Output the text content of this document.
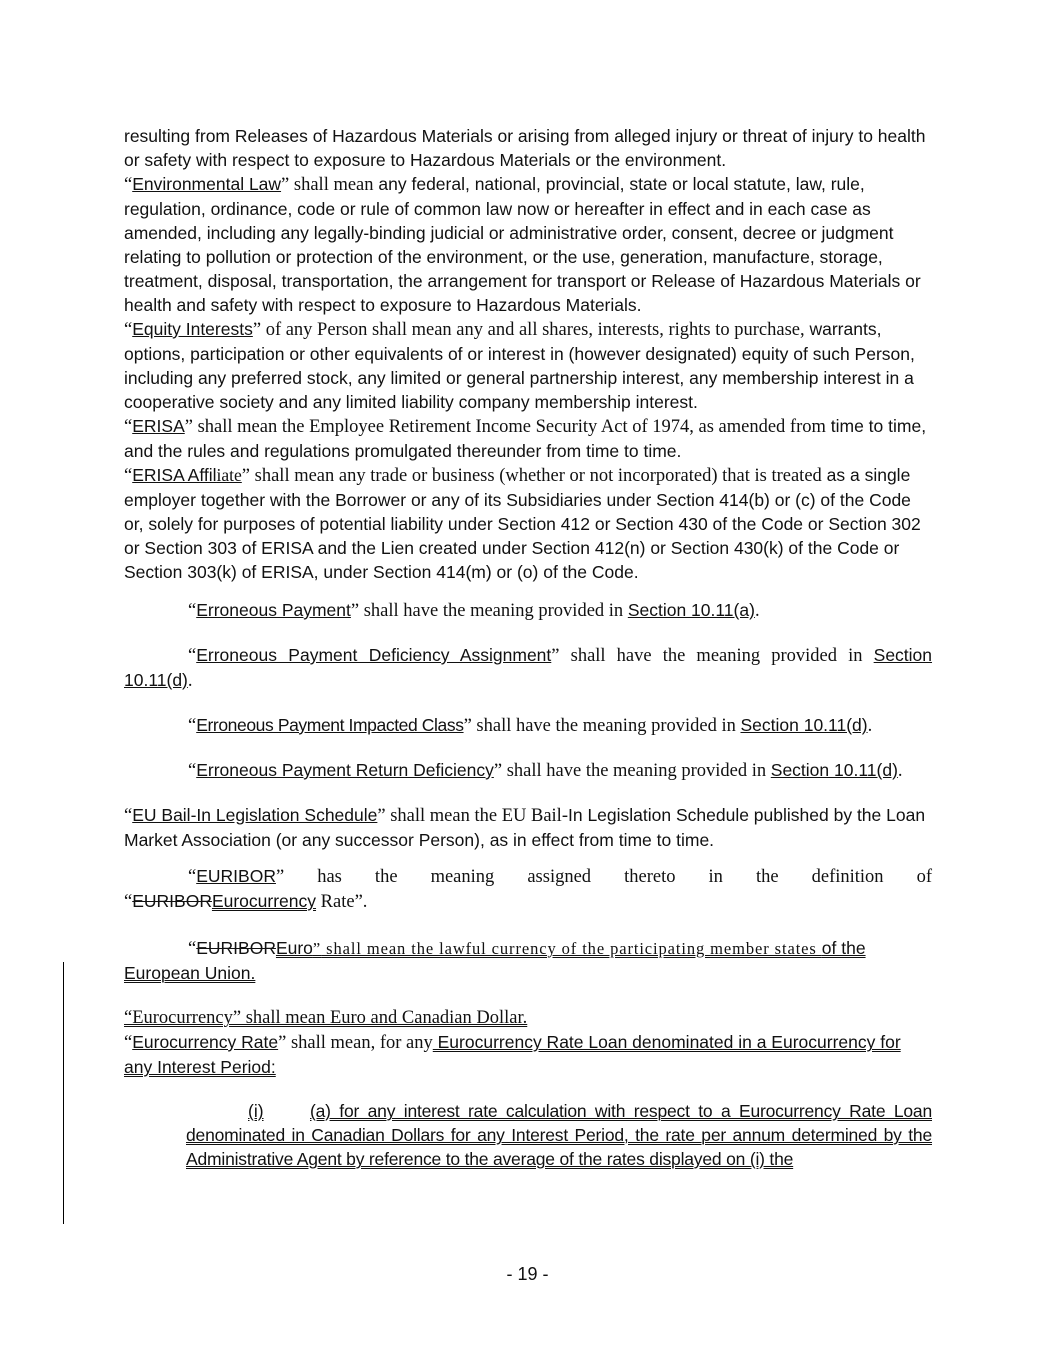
resulting from Releases of Hazardous Materials or arising from alleged injury or threat of injury to health or safety with respect to exposure to Hazardous Materials or the environment.

“Environmental Law” shall mean any federal, national, provincial, state or local statute, law, rule, regulation, ordinance, code or rule of common law now or hereafter in effect and in each case as amended, including any legally-binding judicial or administrative order, consent, decree or judgment relating to pollution or protection of the environment, or the use, generation, manufacture, storage, treatment, disposal, transportation, the arrangement for transport or Release of Hazardous Materials or health and safety with respect to exposure to Hazardous Materials.

“Equity Interests” of any Person shall mean any and all shares, interests, rights to purchase, warrants, options, participation or other equivalents of or interest in (however designated) equity of such Person, including any preferred stock, any limited or general partnership interest, any membership interest in a cooperative society and any limited liability company membership interest.

“ERISA” shall mean the Employee Retirement Income Security Act of 1974, as amended from time to time, and the rules and regulations promulgated thereunder from time to time.

“ERISA Affiliate” shall mean any trade or business (whether or not incorporated) that is treated as a single employer together with the Borrower or any of its Subsidiaries under Section 414(b) or (c) of the Code or, solely for purposes of potential liability under Section 412 or Section 430 of the Code or Section 302 or Section 303 of ERISA and the Lien created under Section 412(n) or Section 430(k) of the Code or Section 303(k) of ERISA, under Section 414(m) or (o) of the Code.

“Erroneous Payment” shall have the meaning provided in Section 10.11(a).

“Erroneous Payment Deficiency Assignment” shall have the meaning provided in Section 10.11(d).

“Erroneous Payment Impacted Class” shall have the meaning provided in Section 10.11(d).

“Erroneous Payment Return Deficiency” shall have the meaning provided in Section 10.11(d).

“EU Bail-In Legislation Schedule” shall mean the EU Bail-In Legislation Schedule published by the Loan Market Association (or any successor Person), as in effect from time to time.

“EURIBOR” has the meaning assigned thereto in the definition of

“EURIBOREurocurrency Rate”.

“EURIBOREuro” shall mean the lawful currency of the participating member states of the European Union.

“Eurocurrency” shall mean Euro and Canadian Dollar.

“Eurocurrency Rate” shall mean, for any Eurocurrency Rate Loan denominated in a Eurocurrency for any Interest Period:

(i)	(a) for any interest rate calculation with respect to a Eurocurrency Rate Loan denominated in Canadian Dollars for any Interest Period, the rate per annum determined by the Administrative Agent by reference to the average of the rates displayed on (i) the

- 19 -
